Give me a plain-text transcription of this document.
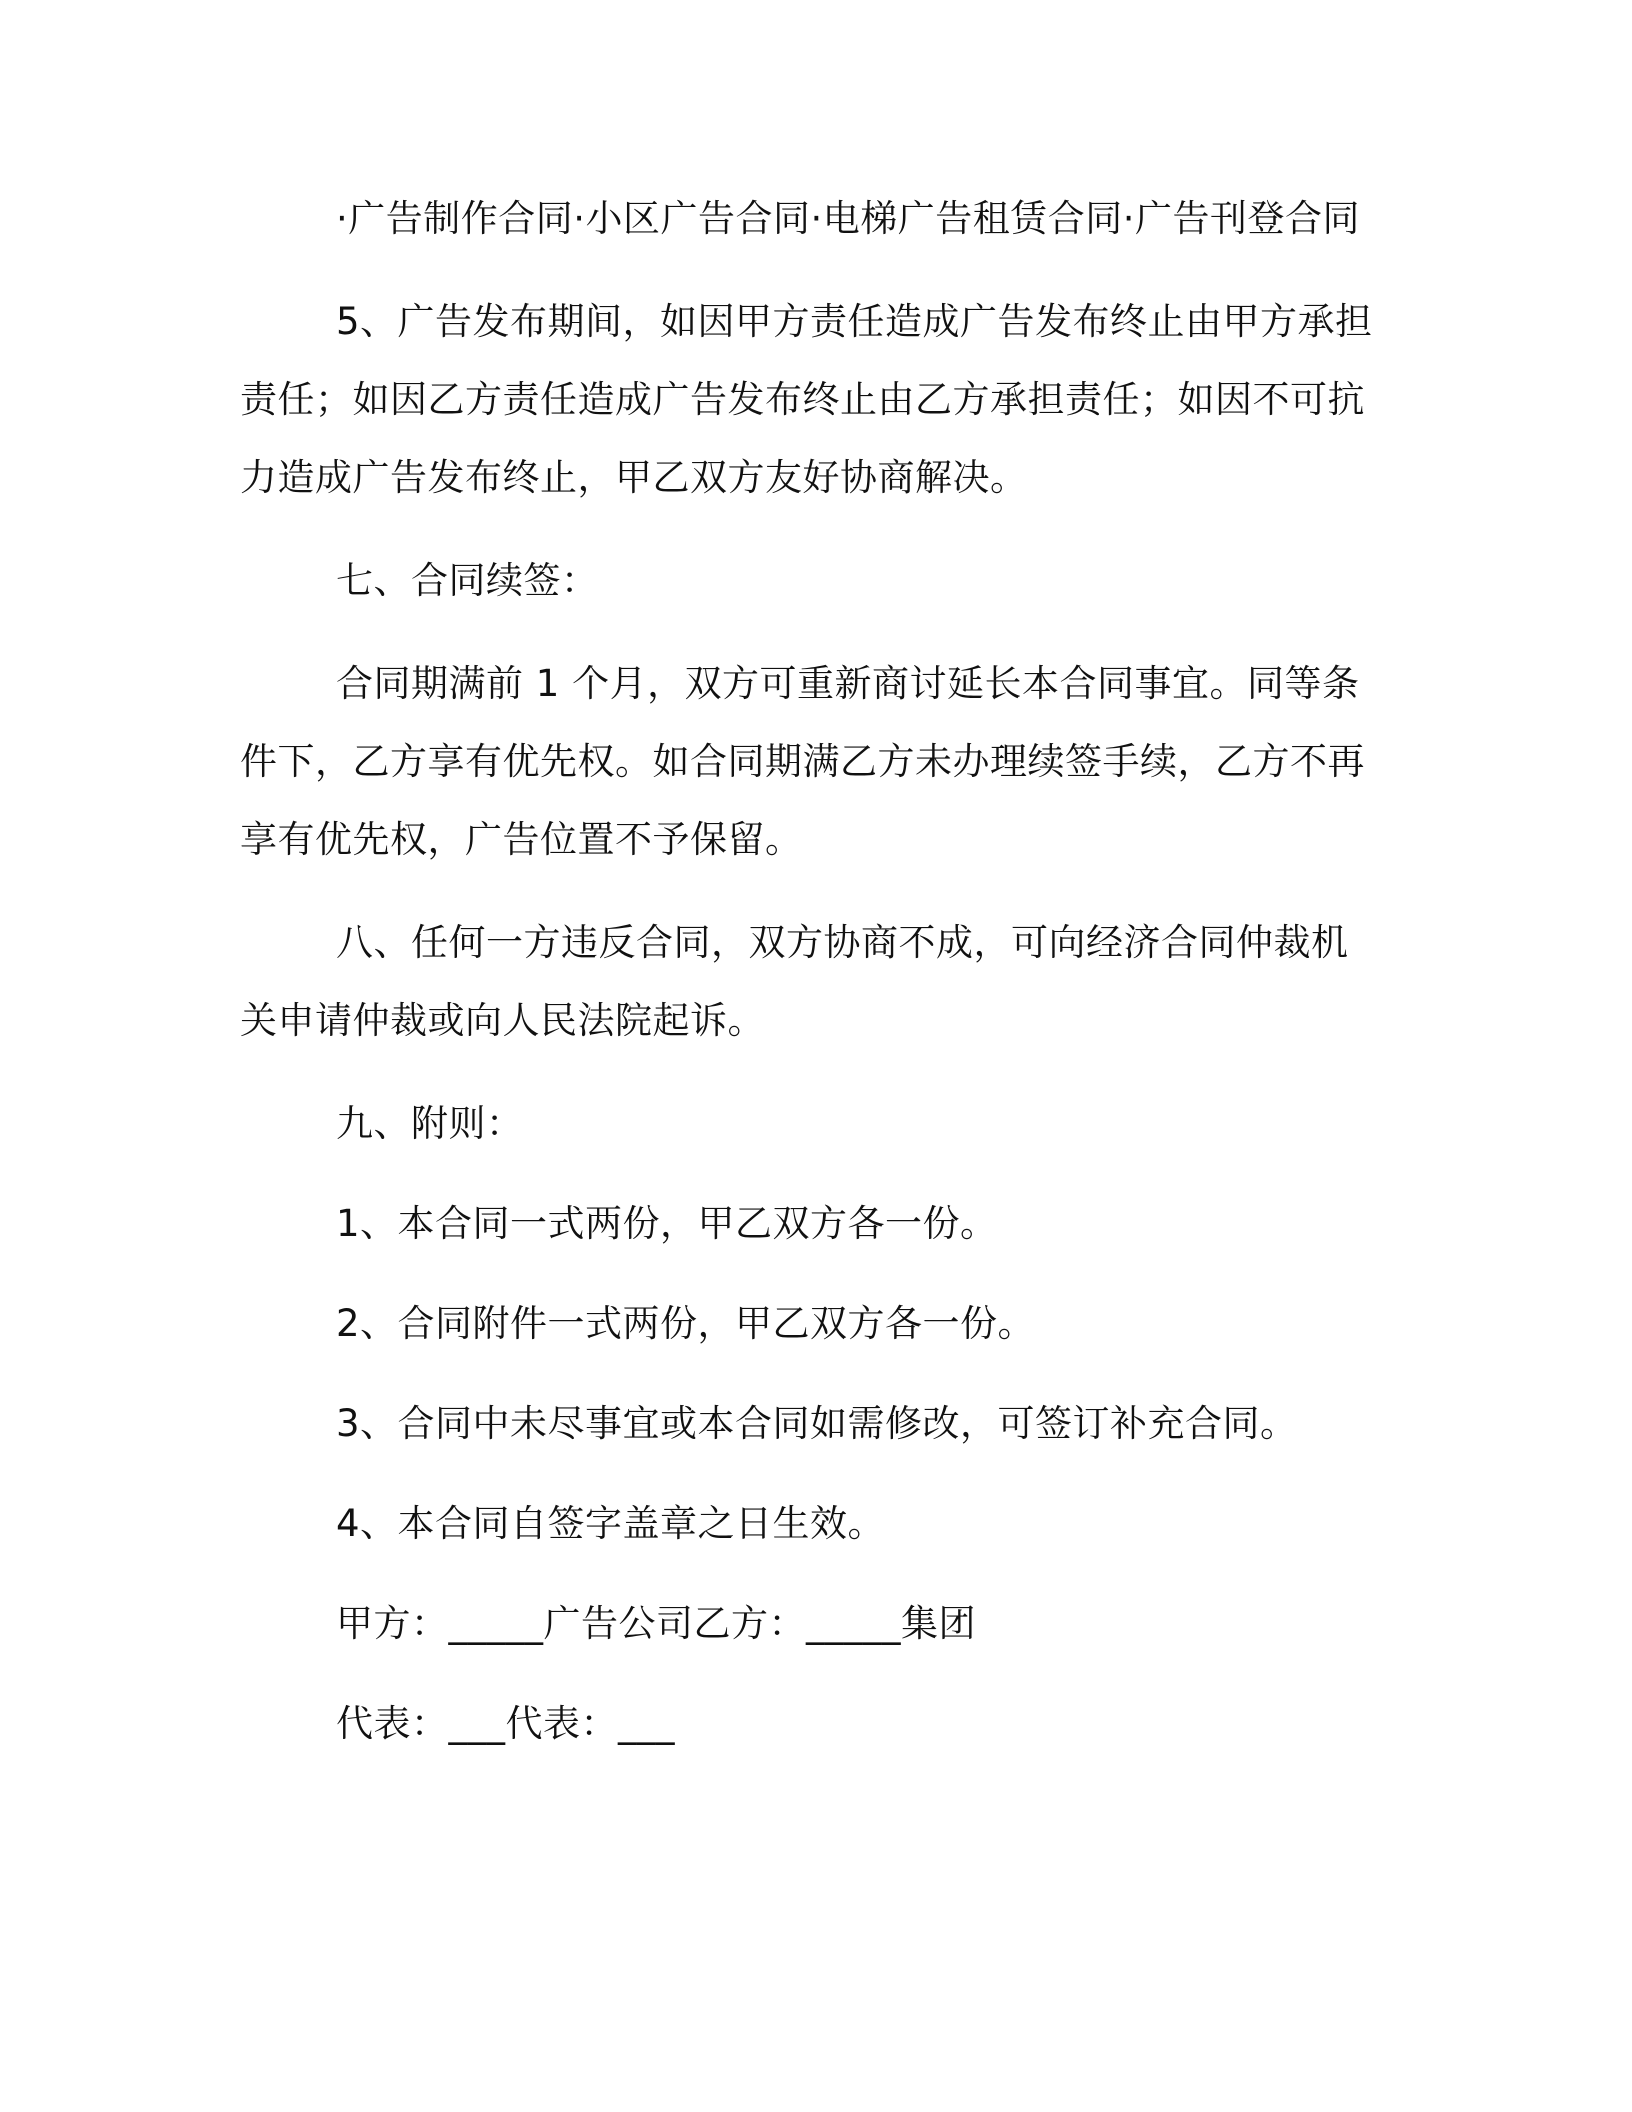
·广告制作合同·小区广告合同·电梯广告租赁合同·广告刊登合同

5、广告发布期间，如因甲方责任造成广告发布终止由甲方承担责任；如因乙方责任造成广告发布终止由乙方承担责任；如因不可抗力造成广告发布终止，甲乙双方友好协商解决。

七、合同续签：

合同期满前 1 个月，双方可重新商讨延长本合同事宜。同等条件下，乙方享有优先权。如合同期满乙方未办理续签手续，乙方不再享有优先权，广告位置不予保留。

八、任何一方违反合同，双方协商不成，可向经济合同仲裁机关申请仲裁或向人民法院起诉。

九、附则：

1、本合同一式两份，甲乙双方各一份。

2、合同附件一式两份，甲乙双方各一份。

3、合同中未尽事宜或本合同如需修改，可签订补充合同。

4、本合同自签字盖章之日生效。

甲方：_____广告公司乙方：_____集团

代表：___代表：___
